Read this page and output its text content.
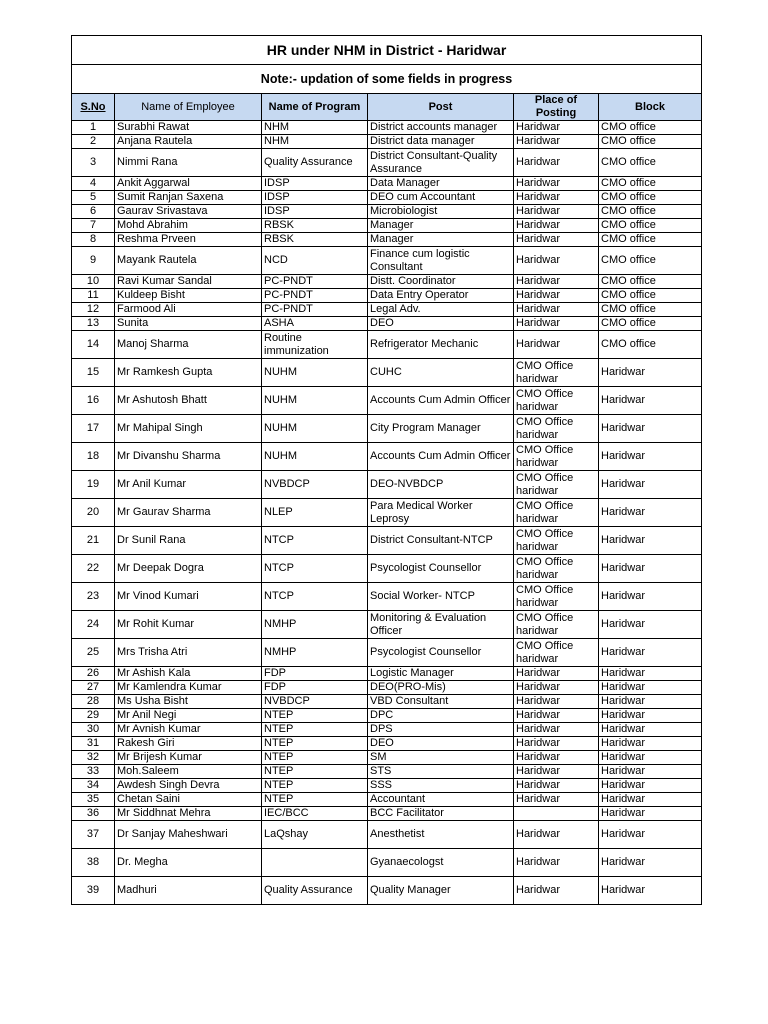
HR under NHM in District - Haridwar					
Note:- updation of some fields in progress					
S.No	Name of Employee	Name of Program	Post	Place of Posting	Block
1	Surabhi Rawat	NHM	District accounts manager	Haridwar	CMO office
2	Anjana Rautela	NHM	District data manager	Haridwar	CMO office
3	Nimmi Rana	Quality Assurance	District Consultant-Quality Assurance	Haridwar	CMO office
4	Ankit Aggarwal	IDSP	Data Manager	Haridwar	CMO office
5	Sumit Ranjan Saxena	IDSP	DEO cum Accountant	Haridwar	CMO office
6	Gaurav Srivastava	IDSP	Microbiologist	Haridwar	CMO office
7	Mohd Abrahim	RBSK	Manager	Haridwar	CMO office
8	Reshma Prveen	RBSK	Manager	Haridwar	CMO office
9	Mayank Rautela	NCD	Finance cum logistic Consultant	Haridwar	CMO office
10	Ravi Kumar Sandal	PC-PNDT	Distt. Coordinator	Haridwar	CMO office
11	Kuldeep Bisht	PC-PNDT	Data Entry Operator	Haridwar	CMO office
12	Farmood Ali	PC-PNDT	Legal Adv.	Haridwar	CMO office
13	Sunita	ASHA	DEO	Haridwar	CMO office
14	Manoj Sharma	Routine immunization	Refrigerator Mechanic	Haridwar	CMO office
15	Mr Ramkesh Gupta	NUHM	CUHC	CMO Office haridwar	Haridwar
16	Mr Ashutosh Bhatt	NUHM	Accounts Cum Admin Officer	CMO Office haridwar	Haridwar
17	Mr Mahipal Singh	NUHM	City Program Manager	CMO Office haridwar	Haridwar
18	Mr Divanshu Sharma	NUHM	Accounts Cum Admin Officer	CMO Office haridwar	Haridwar
19	Mr Anil Kumar	NVBDCP	DEO-NVBDCP	CMO Office haridwar	Haridwar
20	Mr Gaurav Sharma	NLEP	Para Medical Worker Leprosy	CMO Office haridwar	Haridwar
21	Dr Sunil Rana	NTCP	District Consultant-NTCP	CMO Office haridwar	Haridwar
22	Mr Deepak Dogra	NTCP	Psycologist Counsellor	CMO Office haridwar	Haridwar
23	Mr Vinod Kumari	NTCP	Social Worker- NTCP	CMO Office haridwar	Haridwar
24	Mr Rohit Kumar	NMHP	Monitoring & Evaluation Officer	CMO Office haridwar	Haridwar
25	Mrs Trisha Atri	NMHP	Psycologist Counsellor	CMO Office haridwar	Haridwar
26	Mr Ashish Kala	FDP	Logistic Manager	Haridwar	Haridwar
27	Mr Kamlendra Kumar	FDP	DEO(PRO-Mis)	Haridwar	Haridwar
28	Ms Usha Bisht	NVBDCP	VBD Consultant	Haridwar	Haridwar
29	Mr Anil Negi	NTEP	DPC	Haridwar	Haridwar
30	Mr Avnish Kumar	NTEP	DPS	Haridwar	Haridwar
31	Rakesh Giri	NTEP	DEO	Haridwar	Haridwar
32	Mr Brijesh Kumar	NTEP	SM	Haridwar	Haridwar
33	Moh.Saleem	NTEP	STS	Haridwar	Haridwar
34	Awdesh Singh Devra	NTEP	SSS	Haridwar	Haridwar
35	Chetan Saini	NTEP	Accountant	Haridwar	Haridwar
36	Mr Siddhnat Mehra	IEC/BCC	BCC Facilitator		Haridwar
37	Dr Sanjay Maheshwari	LaQshay	Anesthetist	Haridwar	Haridwar
38	Dr. Megha		Gyanaecologst	Haridwar	Haridwar
39	Madhuri	Quality Assurance	Quality Manager	Haridwar	Haridwar
